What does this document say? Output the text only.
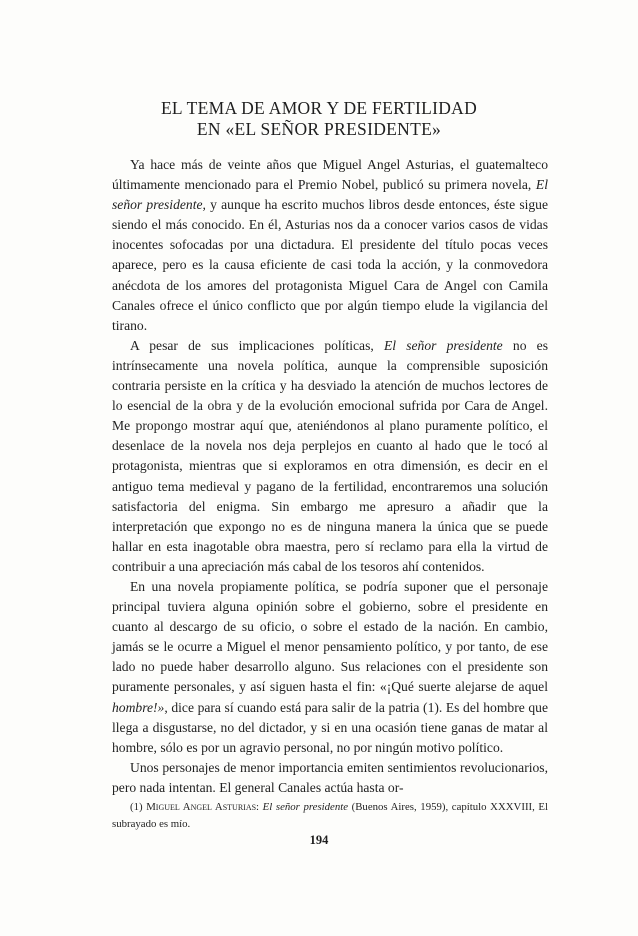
EL TEMA DE AMOR Y DE FERTILIDAD
EN «EL SEÑOR PRESIDENTE»

Ya hace más de veinte años que Miguel Angel Asturias, el guatemalteco últimamente mencionado para el Premio Nobel, publicó su primera novela, El señor presidente, y aunque ha escrito muchos libros desde entonces, éste sigue siendo el más conocido. En él, Asturias nos da a conocer varios casos de vidas inocentes sofocadas por una dictadura. El presidente del título pocas veces aparece, pero es la causa eficiente de casi toda la acción, y la conmovedora anécdota de los amores del protagonista Miguel Cara de Angel con Camila Canales ofrece el único conflicto que por algún tiempo elude la vigilancia del tirano.

A pesar de sus implicaciones políticas, El señor presidente no es intrínsecamente una novela política, aunque la comprensible suposición contraria persiste en la crítica y ha desviado la atención de muchos lectores de lo esencial de la obra y de la evolución emocional sufrida por Cara de Angel. Me propongo mostrar aquí que, ateniéndonos al plano puramente político, el desenlace de la novela nos deja perplejos en cuanto al hado que le tocó al protagonista, mientras que si exploramos en otra dimensión, es decir en el antiguo tema medieval y pagano de la fertilidad, encontraremos una solución satisfactoria del enigma. Sin embargo me apresuro a añadir que la interpretación que expongo no es de ninguna manera la única que se puede hallar en esta inagotable obra maestra, pero sí reclamo para ella la virtud de contribuir a una apreciación más cabal de los tesoros ahí contenidos.

En una novela propiamente política, se podría suponer que el personaje principal tuviera alguna opinión sobre el gobierno, sobre el presidente en cuanto al descargo de su oficio, o sobre el estado de la nación. En cambio, jamás se le ocurre a Miguel el menor pensamiento político, y por tanto, de ese lado no puede haber desarrollo alguno. Sus relaciones con el presidente son puramente personales, y así siguen hasta el fin: «¡Qué suerte alejarse de aquel hombre!», dice para sí cuando está para salir de la patria (1). Es del hombre que llega a disgustarse, no del dictador, y si en una ocasión tiene ganas de matar al hombre, sólo es por un agravio personal, no por ningún motivo político.

Unos personajes de menor importancia emiten sentimientos revolucionarios, pero nada intentan. El general Canales actúa hasta or-

(1) Miguel Angel Asturias: El señor presidente (Buenos Aires, 1959), capítulo XXXVIII, El subrayado es mío.

194
